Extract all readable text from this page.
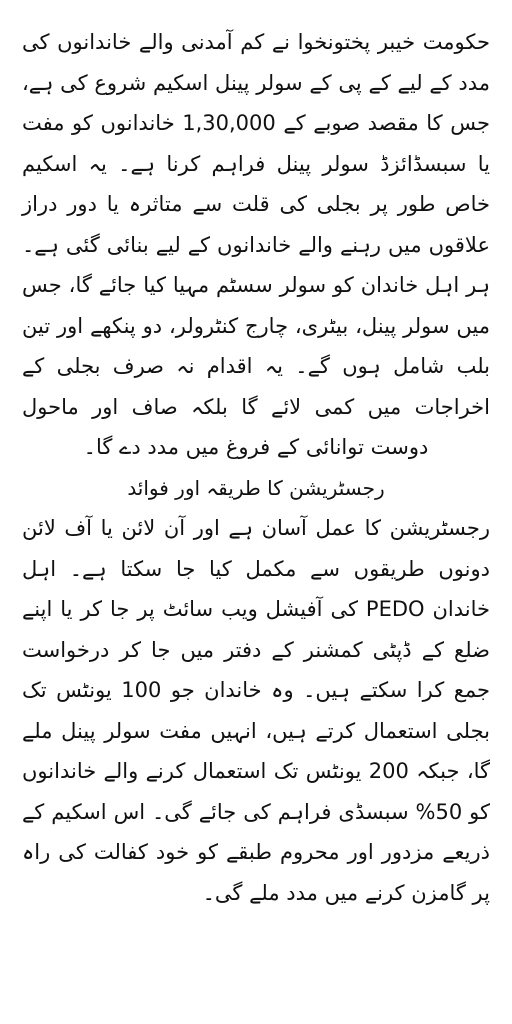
حکومت خیبر پختونخوا نے کم آمدنی والے خاندانوں کی مدد کے لیے کے پی کے سولر پینل اسکیم شروع کی ہے، جس کا مقصد صوبے کے 1,30,000 خاندانوں کو مفت یا سبسڈائزڈ سولر پینل فراہم کرنا ہے۔ یہ اسکیم خاص طور پر بجلی کی قلت سے متاثرہ یا دور دراز علاقوں میں رہنے والے خاندانوں کے لیے بنائی گئی ہے۔ ہر اہل خاندان کو سولر سسٹم مہیا کیا جائے گا، جس میں سولر پینل، بیٹری، چارج کنٹرولر، دو پنکھے اور تین بلب شامل ہوں گے۔ یہ اقدام نہ صرف بجلی کے اخراجات میں کمی لائے گا بلکہ صاف اور ماحول دوست توانائی کے فروغ میں مدد دے گا۔

رجسٹریشن کا طریقہ اور فوائد

رجسٹریشن کا عمل آسان ہے اور آن لائن یا آف لائن دونوں طریقوں سے مکمل کیا جا سکتا ہے۔ اہل خاندان PEDO کی آفیشل ویب سائٹ پر جا کر یا اپنے ضلع کے ڈپٹی کمشنر کے دفتر میں جا کر درخواست جمع کرا سکتے ہیں۔ وہ خاندان جو 100 یونٹس تک بجلی استعمال کرتے ہیں، انہیں مفت سولر پینل ملے گا، جبکہ 200 یونٹس تک استعمال کرنے والے خاندانوں کو 50% سبسڈی فراہم کی جائے گی۔ اس اسکیم کے ذریعے مزدور اور محروم طبقے کو خود کفالت کی راہ پر گامزن کرنے میں مدد ملے گی۔
